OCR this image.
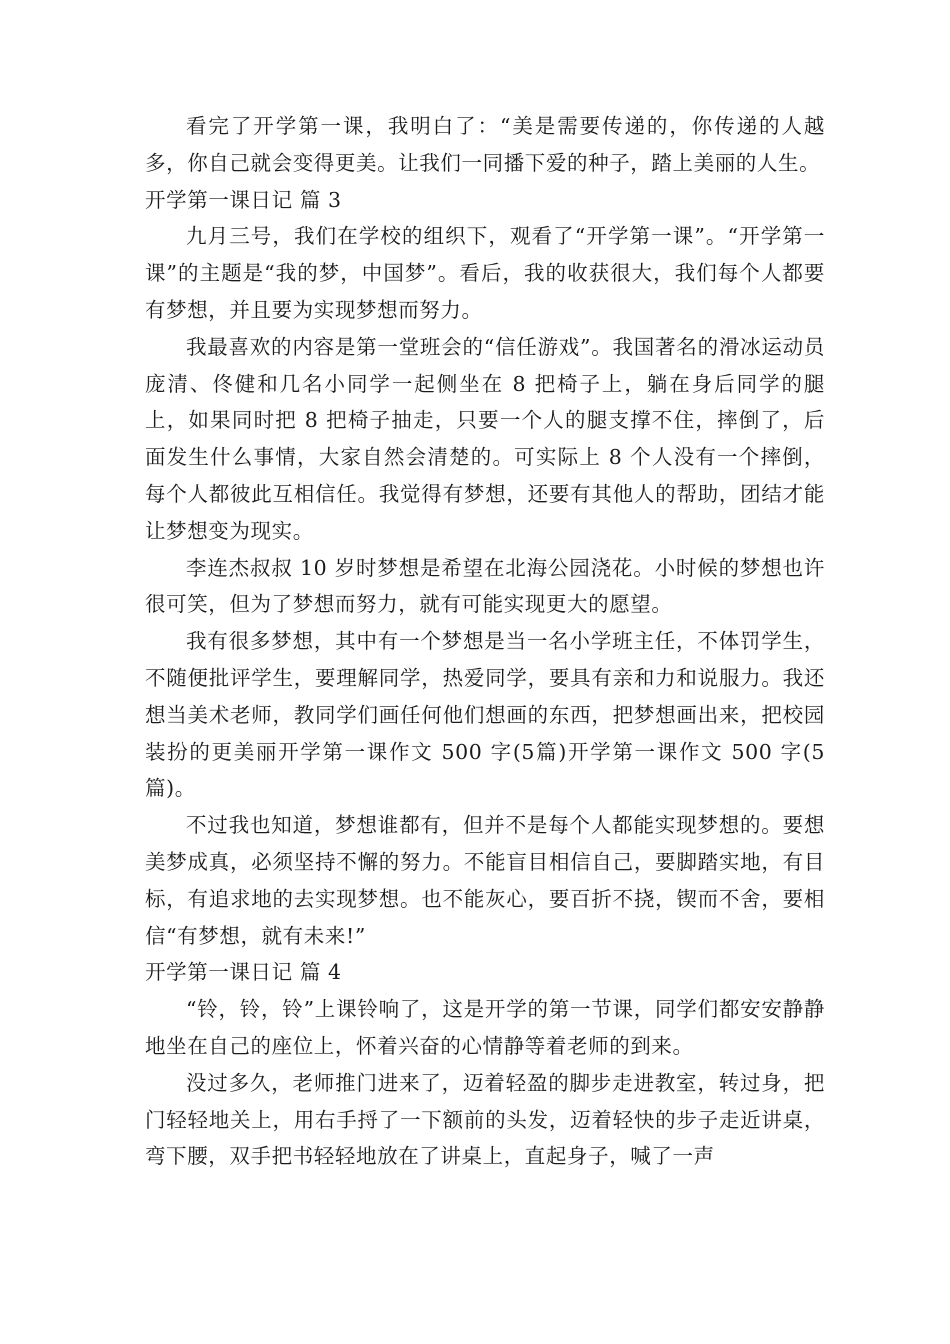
看完了开学第一课，我明白了：“美是需要传递的，你传递的人越多，你自己就会变得更美。让我们一同播下爱的种子，踏上美丽的人生。

开学第一课日记 篇 3

九月三号，我们在学校的组织下，观看了“开学第一课”。“开学第一课”的主题是“我的梦，中国梦”。看后，我的收获很大，我们每个人都要有梦想，并且要为实现梦想而努力。

我最喜欢的内容是第一堂班会的“信任游戏”。我国著名的滑冰运动员庞清、佟健和几名小同学一起侧坐在 8 把椅子上，躺在身后同学的腿上，如果同时把 8 把椅子抽走，只要一个人的腿支撑不住，摔倒了，后面发生什么事情，大家自然会清楚的。可实际上 8 个人没有一个摔倒，每个人都彼此互相信任。我觉得有梦想，还要有其他人的帮助，团结才能让梦想变为现实。

李连杰叔叔 10 岁时梦想是希望在北海公园浇花。小时候的梦想也许很可笑，但为了梦想而努力，就有可能实现更大的愿望。

我有很多梦想，其中有一个梦想是当一名小学班主任，不体罚学生，不随便批评学生，要理解同学，热爱同学，要具有亲和力和说服力。我还想当美术老师，教同学们画任何他们想画的东西，把梦想画出来，把校园装扮的更美丽开学第一课作文 500 字(5篇)开学第一课作文 500 字(5篇)。

不过我也知道，梦想谁都有，但并不是每个人都能实现梦想的。要想美梦成真，必须坚持不懈的努力。不能盲目相信自己，要脚踏实地，有目标，有追求地的去实现梦想。也不能灰心，要百折不挠，锲而不舍，要相信“有梦想，就有未来!”

开学第一课日记 篇 4

“铃，铃，铃”上课铃响了，这是开学的第一节课，同学们都安安静静地坐在自己的座位上，怀着兴奋的心情静等着老师的到来。

没过多久，老师推门进来了，迈着轻盈的脚步走进教室，转过身，把门轻轻地关上，用右手捋了一下额前的头发，迈着轻快的步子走近讲桌，弯下腰，双手把书轻轻地放在了讲桌上，直起身子，喊了一声
